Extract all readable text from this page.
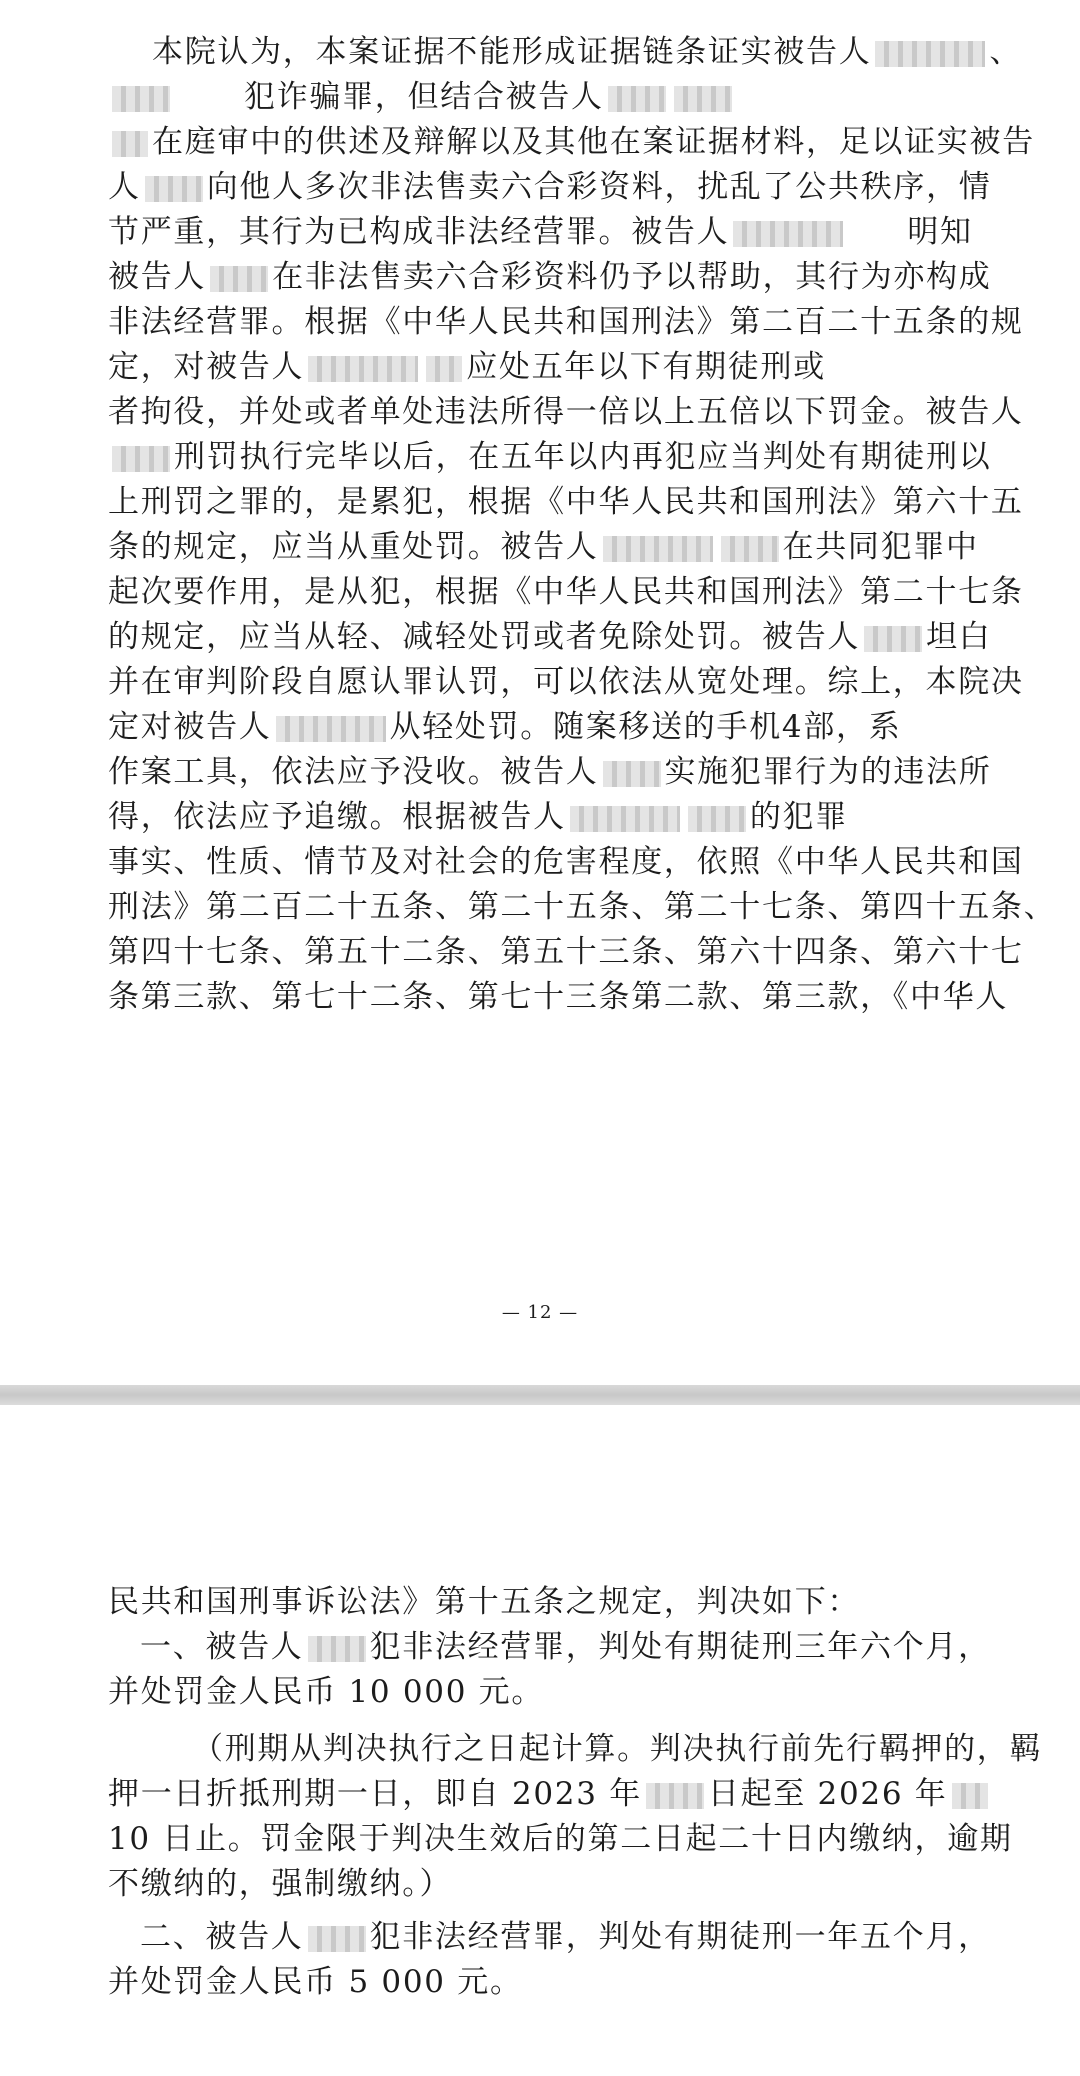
本院认为，本案证据不能形成证据链条证实被告人	、
犯诈骗罪，但结合被告人
在庭审中的供述及辩解以及其他在案证据材料，足以证实被告
人 向他人多次非法售卖六合彩资料，扰乱了公共秩序，情
节严重，其行为已构成非法经营罪。被告人	明知
被告人 在非法售卖六合彩资料仍予以帮助，其行为亦构成
非法经营罪。根据《中华人民共和国刑法》第二百二十五条的规
定，对被告人	应处五年以下有期徒刑或
者拘役，并处或者单处违法所得一倍以上五倍以下罚金。被告人
刑罚执行完毕以后，在五年以内再犯应当判处有期徒刑以
上刑罚之罪的，是累犯，根据《中华人民共和国刑法》第六十五
条的规定，应当从重处罚。被告人	在共同犯罪中
起次要作用，是从犯，根据《中华人民共和国刑法》第二十七条
的规定，应当从轻、减轻处罚或者免除处罚。被告人 坦白
并在审判阶段自愿认罪认罚，可以依法从宽处理。综上，本院决
定对被告人	从轻处罚。随案移送的手机4部，系
作案工具，依法应予没收。被告人 实施犯罪行为的违法所
得，依法应予追缴。根据被告人	的犯罪
事实、性质、情节及对社会的危害程度，依照《中华人民共和国
刑法》第二百二十五条、第二十五条、第二十七条、第四十五条、
第四十七条、第五十二条、第五十三条、第六十四条、第六十七
条第三款、第七十二条、第七十三条第二款、第三款，《中华人
— 12 —
民共和国刑事诉讼法》第十五条之规定，判决如下：
一、被告人 犯非法经营罪，判处有期徒刑三年六个月，
并处罚金人民币 10 000 元。
（刑期从判决执行之日起计算。判决执行前先行羁押的，羁
押一日折抵刑期一日，即自 2023 年 日起至 2026 年
10 日止。罚金限于判决生效后的第二日起二十日内缴纳，逾期
不缴纳的，强制缴纳。）
二、被告人 犯非法经营罪，判处有期徒刑一年五个月，
并处罚金人民币 5 000 元。
